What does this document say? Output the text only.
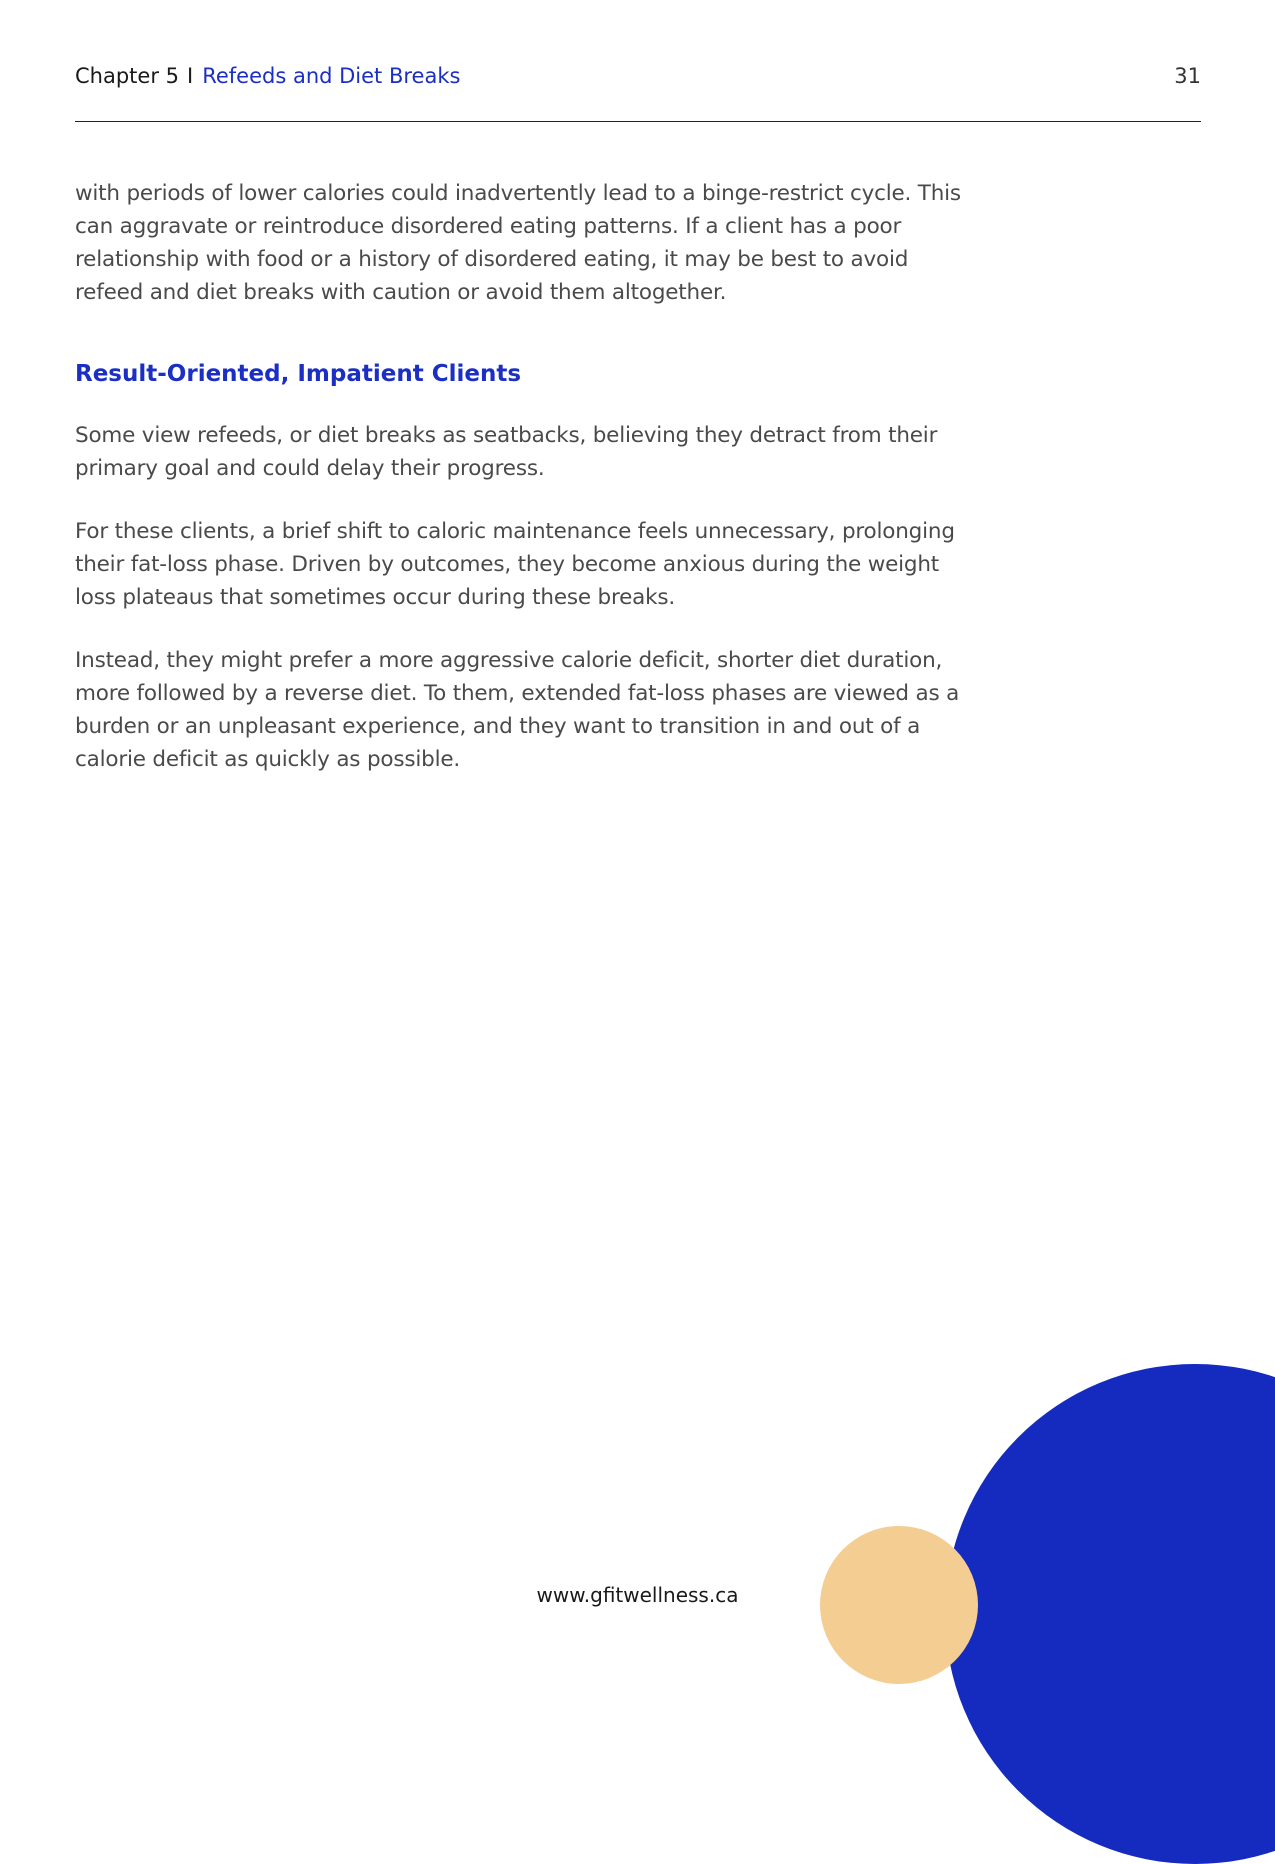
Chapter 5 I Refeeds and Diet Breaks	31

with periods of lower calories could inadvertently lead to a binge-restrict cycle. This can aggravate or reintroduce disordered eating patterns. If a client has a poor relationship with food or a history of disordered eating, it may be best to avoid refeed and diet breaks with caution or avoid them altogether.

Result-Oriented, Impatient Clients

Some view refeeds, or diet breaks as seatbacks, believing they detract from their primary goal and could delay their progress.

For these clients, a brief shift to caloric maintenance feels unnecessary, prolonging their fat-loss phase. Driven by outcomes, they become anxious during the weight loss plateaus that sometimes occur during these breaks.

Instead, they might prefer a more aggressive calorie deficit, shorter diet duration, more followed by a reverse diet. To them, extended fat-loss phases are viewed as a burden or an unpleasant experience, and they want to transition in and out of a calorie deficit as quickly as possible.

www.gfitwellness.ca
